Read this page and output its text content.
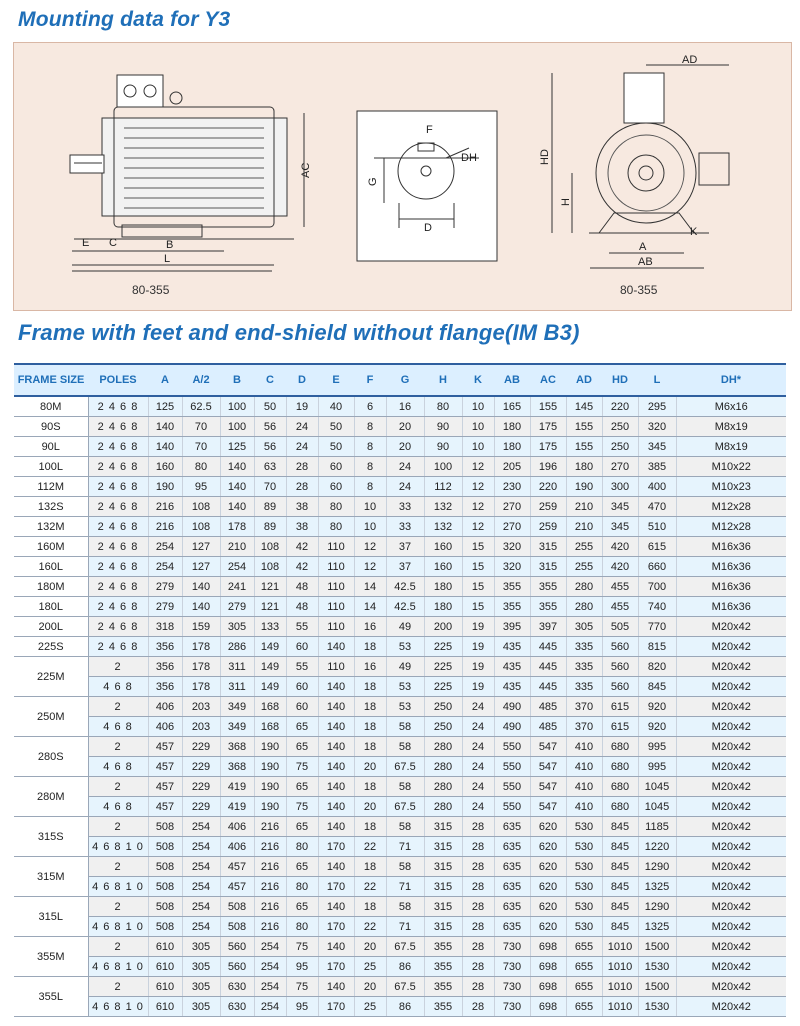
Mounting data for Y3
AC
E C	B
L
F
G
DH
D
AD
HD
H
K
A
AB
80-355	80-355
Frame with feet and end-shield without flange(IM B3)
FRAME SIZE	POLES	A	A/2	B	C	D	E	F	G	H	K	AB	AC	AD	HD	L	DH*
80M	2 4 6 8	125	62.5	100	50	19	40	6	16	80	10	165	155	145	220	295	M6x16
90S	2 4 6 8	140	70	100	56	24	50	8	20	90	10	180	175	155	250	320	M8x19
90L	2 4 6 8	140	70	125	56	24	50	8	20	90	10	180	175	155	250	345	M8x19
100L	2 4 6 8	160	80	140	63	28	60	8	24	100	12	205	196	180	270	385	M10x22
112M	2 4 6 8	190	95	140	70	28	60	8	24	112	12	230	220	190	300	400	M10x23
132S	2 4 6 8	216	108	140	89	38	80	10	33	132	12	270	259	210	345	470	M12x28
132M	2 4 6 8	216	108	178	89	38	80	10	33	132	12	270	259	210	345	510	M12x28
160M	2 4 6 8	254	127	210	108	42	110	12	37	160	15	320	315	255	420	615	M16x36
160L	2 4 6 8	254	127	254	108	42	110	12	37	160	15	320	315	255	420	660	M16x36
180M	2 4 6 8	279	140	241	121	48	110	14	42.5	180	15	355	355	280	455	700	M16x36
180L	2 4 6 8	279	140	279	121	48	110	14	42.5	180	15	355	355	280	455	740	M16x36
200L	2 4 6 8	318	159	305	133	55	110	16	49	200	19	395	397	305	505	770	M20x42
225S	2 4 6 8	356	178	286	149	60	140	18	53	225	19	435	445	335	560	815	M20x42
225M	2	356	178	311	149	55	110	16	49	225	19	435	445	335	560	820	M20x42
	4 6 8	356	178	311	149	60	140	18	53	225	19	435	445	335	560	845	M20x42
250M	2	406	203	349	168	60	140	18	53	250	24	490	485	370	615	920	M20x42
	4 6 8	406	203	349	168	65	140	18	58	250	24	490	485	370	615	920	M20x42
280S	2	457	229	368	190	65	140	18	58	280	24	550	547	410	680	995	M20x42
	4 6 8	457	229	368	190	75	140	20	67.5	280	24	550	547	410	680	995	M20x42
280M	2	457	229	419	190	65	140	18	58	280	24	550	547	410	680	1045	M20x42
	4 6 8	457	229	419	190	75	140	20	67.5	280	24	550	547	410	680	1045	M20x42
315S	2	508	254	406	216	65	140	18	58	315	28	635	620	530	845	1185	M20x42
	4 6 8 1 0	508	254	406	216	80	170	22	71	315	28	635	620	530	845	1220	M20x42
315M	2	508	254	457	216	65	140	18	58	315	28	635	620	530	845	1290	M20x42
	4 6 8 1 0	508	254	457	216	80	170	22	71	315	28	635	620	530	845	1325	M20x42
315L	2	508	254	508	216	65	140	18	58	315	28	635	620	530	845	1290	M20x42
	4 6 8 1 0	508	254	508	216	80	170	22	71	315	28	635	620	530	845	1325	M20x42
355M	2	610	305	560	254	75	140	20	67.5	355	28	730	698	655	1010	1500	M20x42
	4 6 8 1 0	610	305	560	254	95	170	25	86	355	28	730	698	655	1010	1530	M20x42
355L	2	610	305	630	254	75	140	20	67.5	355	28	730	698	655	1010	1500	M20x42
	4 6 8 1 0	610	305	630	254	95	170	25	86	355	28	730	698	655	1010	1530	M20x42
